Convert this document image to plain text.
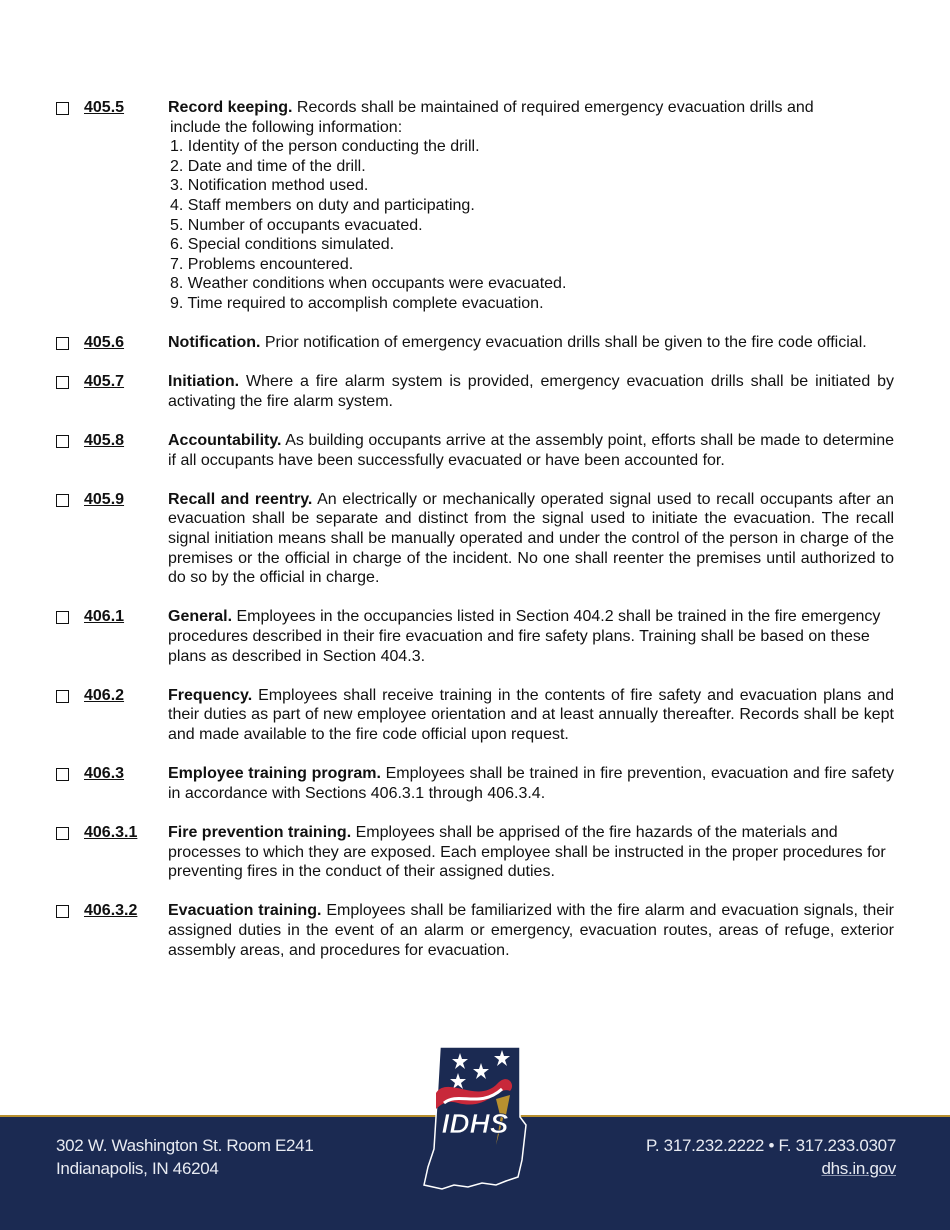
405.5	Record keeping. Records shall be maintained of required emergency evacuation drills and
include the following information:
1. Identity of the person conducting the drill.
2. Date and time of the drill.
3. Notification method used.
4. Staff members on duty and participating.
5. Number of occupants evacuated.
6. Special conditions simulated.
7. Problems encountered.
8. Weather conditions when occupants were evacuated.
9. Time required to accomplish complete evacuation.
405.6	Notification. Prior notification of emergency evacuation drills shall be given to the fire code official.
405.7	Initiation. Where a fire alarm system is provided, emergency evacuation drills shall be initiated by activating the fire alarm system.
405.8	Accountability. As building occupants arrive at the assembly point, efforts shall be made to determine if all occupants have been successfully evacuated or have been accounted for.
405.9	Recall and reentry. An electrically or mechanically operated signal used to recall occupants after an evacuation shall be separate and distinct from the signal used to initiate the evacuation. The recall signal initiation means shall be manually operated and under the control of the person in charge of the premises or the official in charge of the incident. No one shall reenter the premises until authorized to do so by the official in charge.
406.1	General. Employees in the occupancies listed in Section 404.2 shall be trained in the fire emergency procedures described in their fire evacuation and fire safety plans. Training shall be based on these plans as described in Section 404.3.
406.2	Frequency. Employees shall receive training in the contents of fire safety and evacuation plans and their duties as part of new employee orientation and at least annually thereafter. Records shall be kept and made available to the fire code official upon request.
406.3	Employee training program. Employees shall be trained in fire prevention, evacuation and fire safety in accordance with Sections 406.3.1 through 406.3.4.
406.3.1	Fire prevention training. Employees shall be apprised of the fire hazards of the materials and processes to which they are exposed. Each employee shall be instructed in the proper procedures for preventing fires in the conduct of their assigned duties.
406.3.2	Evacuation training. Employees shall be familiarized with the fire alarm and evacuation signals, their assigned duties in the event of an alarm or emergency, evacuation routes, areas of refuge, exterior assembly areas, and procedures for evacuation.
302 W. Washington St. Room E241
Indianapolis, IN 46204
P. 317.232.2222 • F. 317.233.0307
dhs.in.gov
IDHS
